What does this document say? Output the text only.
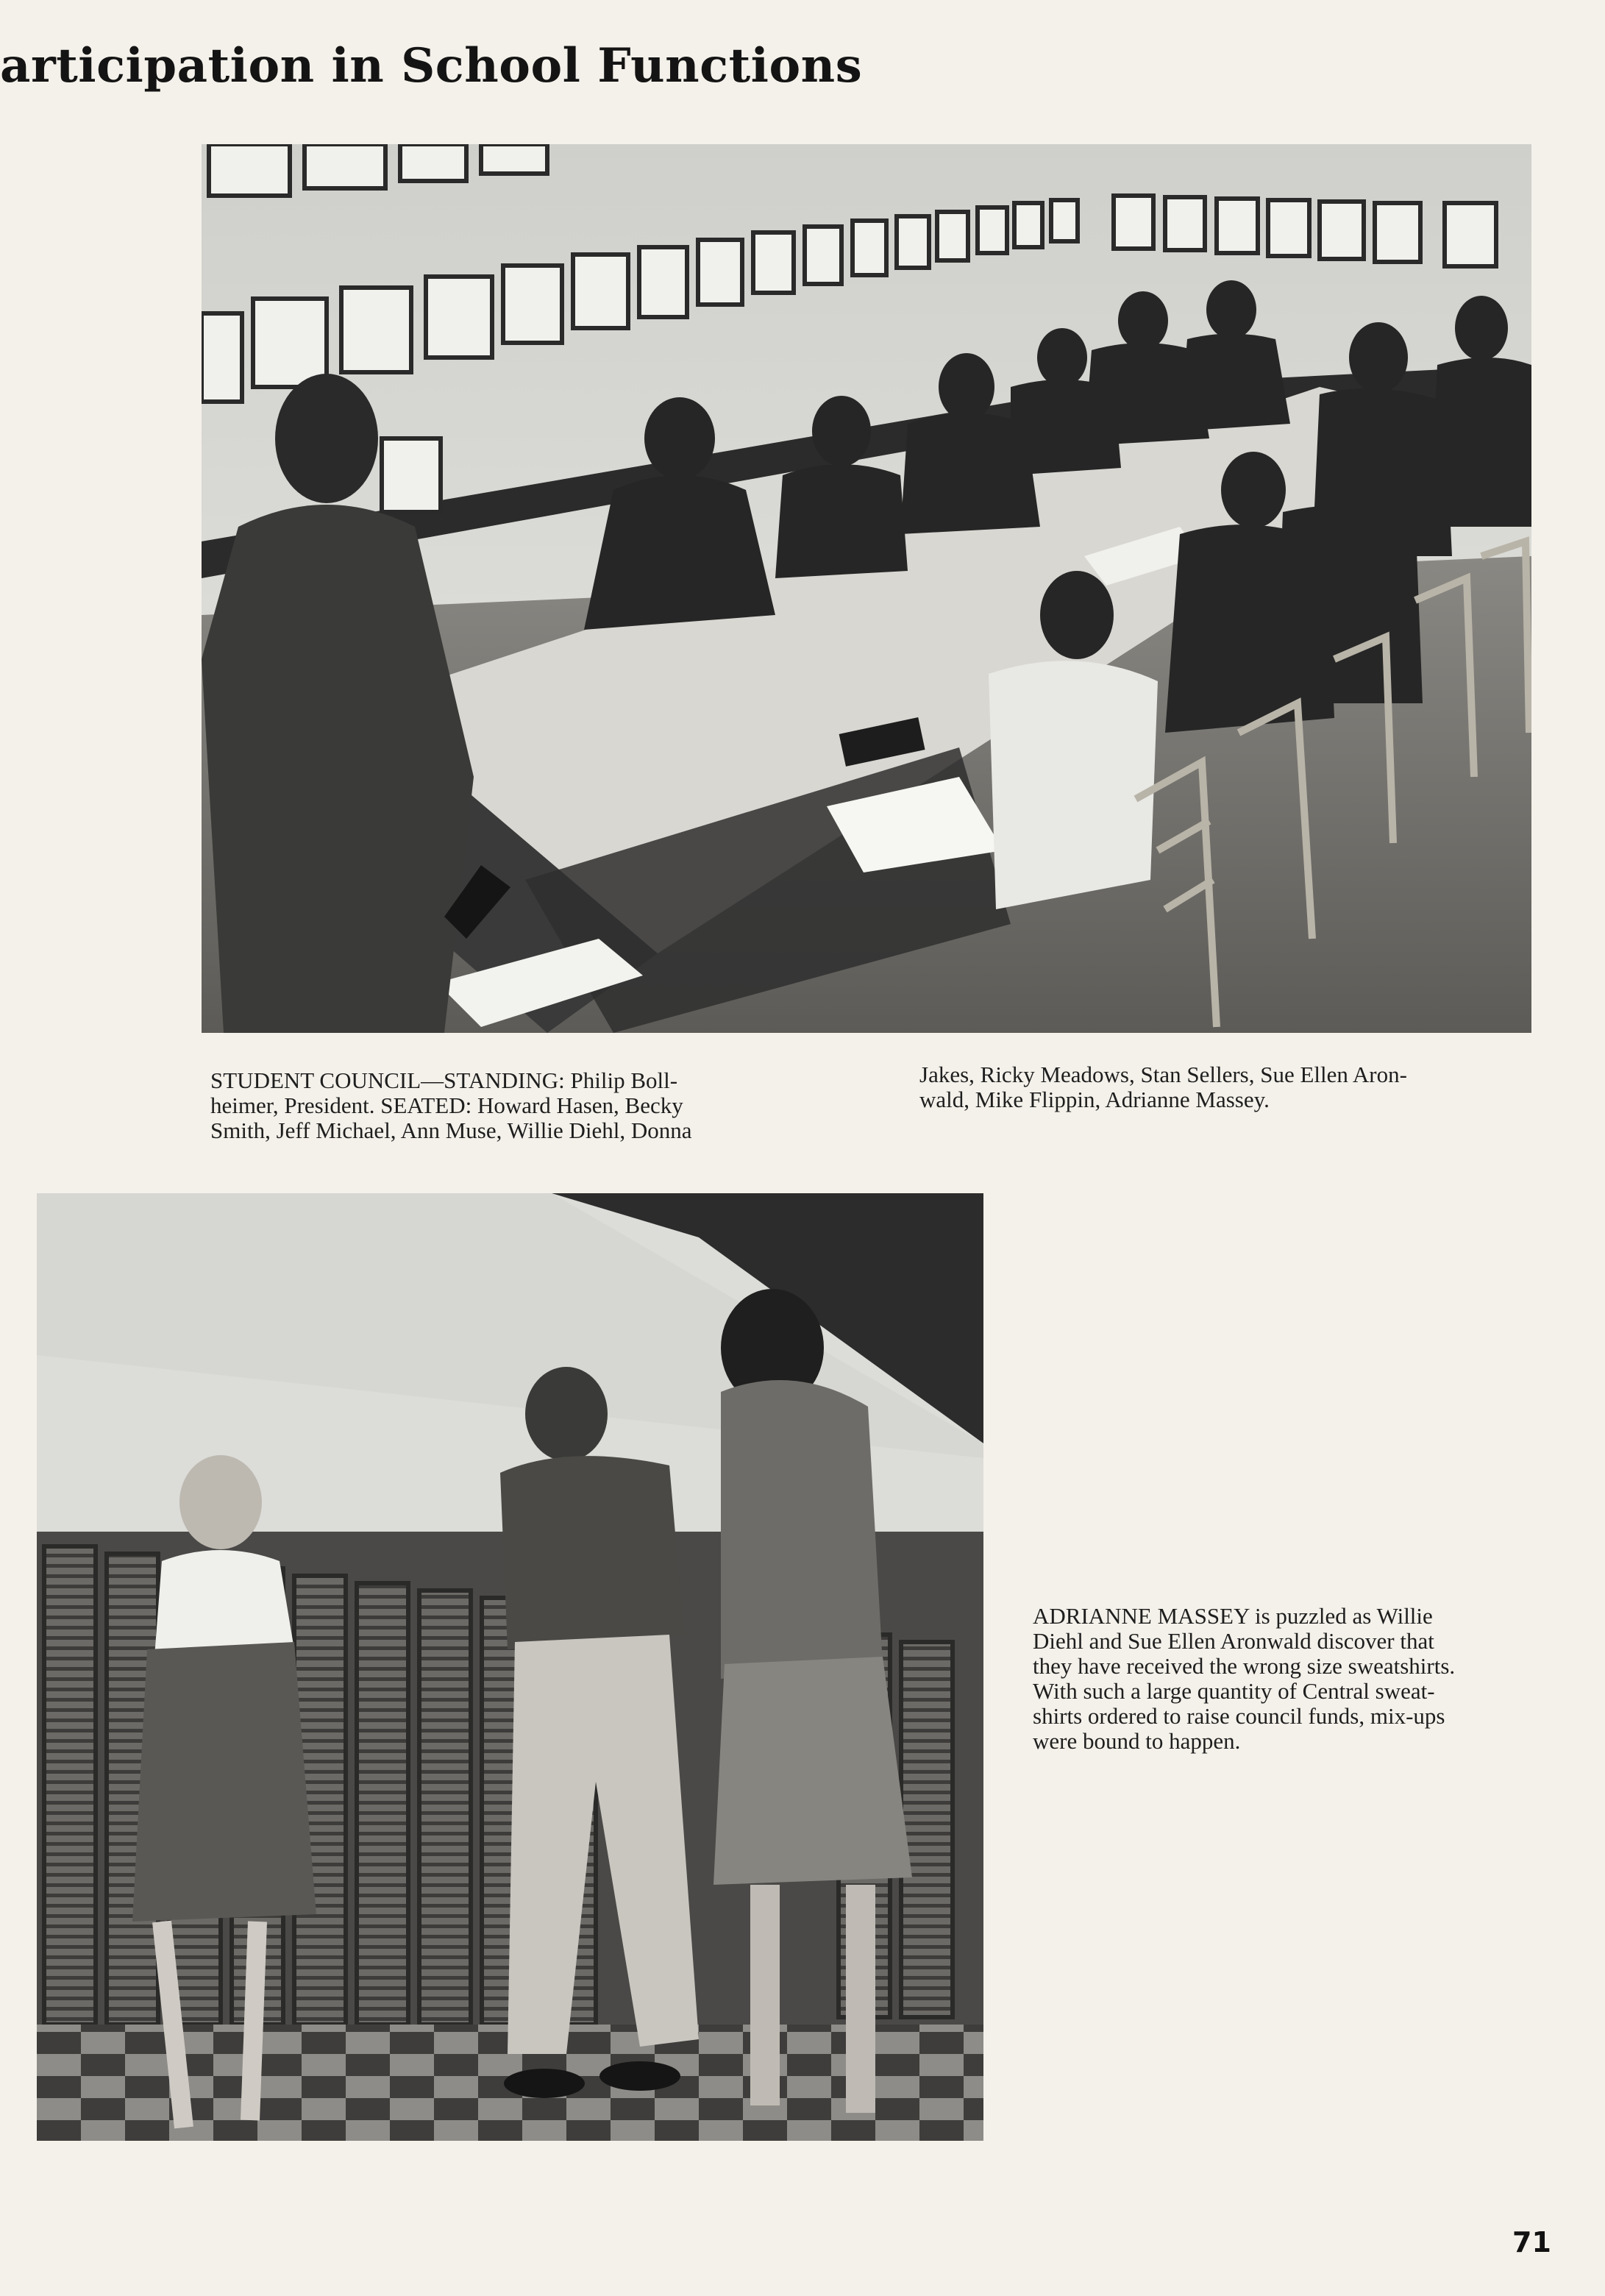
articipation in School Functions
STUDENT COUNCIL—STANDING: Philip Boll-
heimer, President. SEATED: Howard Hasen, Becky
Smith, Jeff Michael, Ann Muse, Willie Diehl, Donna
Jakes, Ricky Meadows, Stan Sellers, Sue Ellen Aron-
wald, Mike Flippin, Adrianne Massey.
ADRIANNE MASSEY is puzzled as Willie
Diehl and Sue Ellen Aronwald discover that
they have received the wrong size sweatshirts.
With such a large quantity of Central sweat-
shirts ordered to raise council funds, mix-ups
were bound to happen.
71
